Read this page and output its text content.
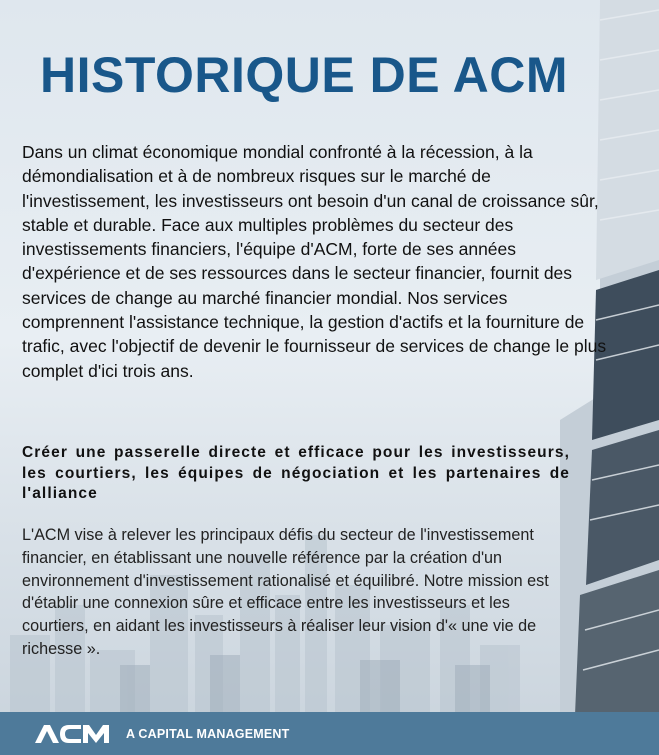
HISTORIQUE DE ACM

Dans un climat économique mondial confronté à la récession, à la démondialisation et à de nombreux risques sur le marché de l'investissement, les investisseurs ont besoin d'un canal de croissance sûr, stable et durable. Face aux multiples problèmes du secteur des investissements financiers, l'équipe d'ACM, forte de ses années d'expérience et de ses ressources dans le secteur financier, fournit des services de change au marché financier mondial. Nos services comprennent l'assistance technique, la gestion d'actifs et la fourniture de trafic, avec l'objectif de devenir le fournisseur de services de change le plus complet d'ici trois ans.

Créer une passerelle directe et efficace pour les investisseurs, les courtiers, les équipes de négociation et les partenaires de l'alliance

L'ACM vise à relever les principaux défis du secteur de l'investissement financier, en établissant une nouvelle référence par la création d'un environnement d'investissement rationalisé et équilibré. Notre mission est d'établir une connexion sûre et efficace entre les investisseurs et les courtiers, en aidant les investisseurs à réaliser leur vision d'« une vie de richesse ».

A CAPITAL MANAGEMENT
